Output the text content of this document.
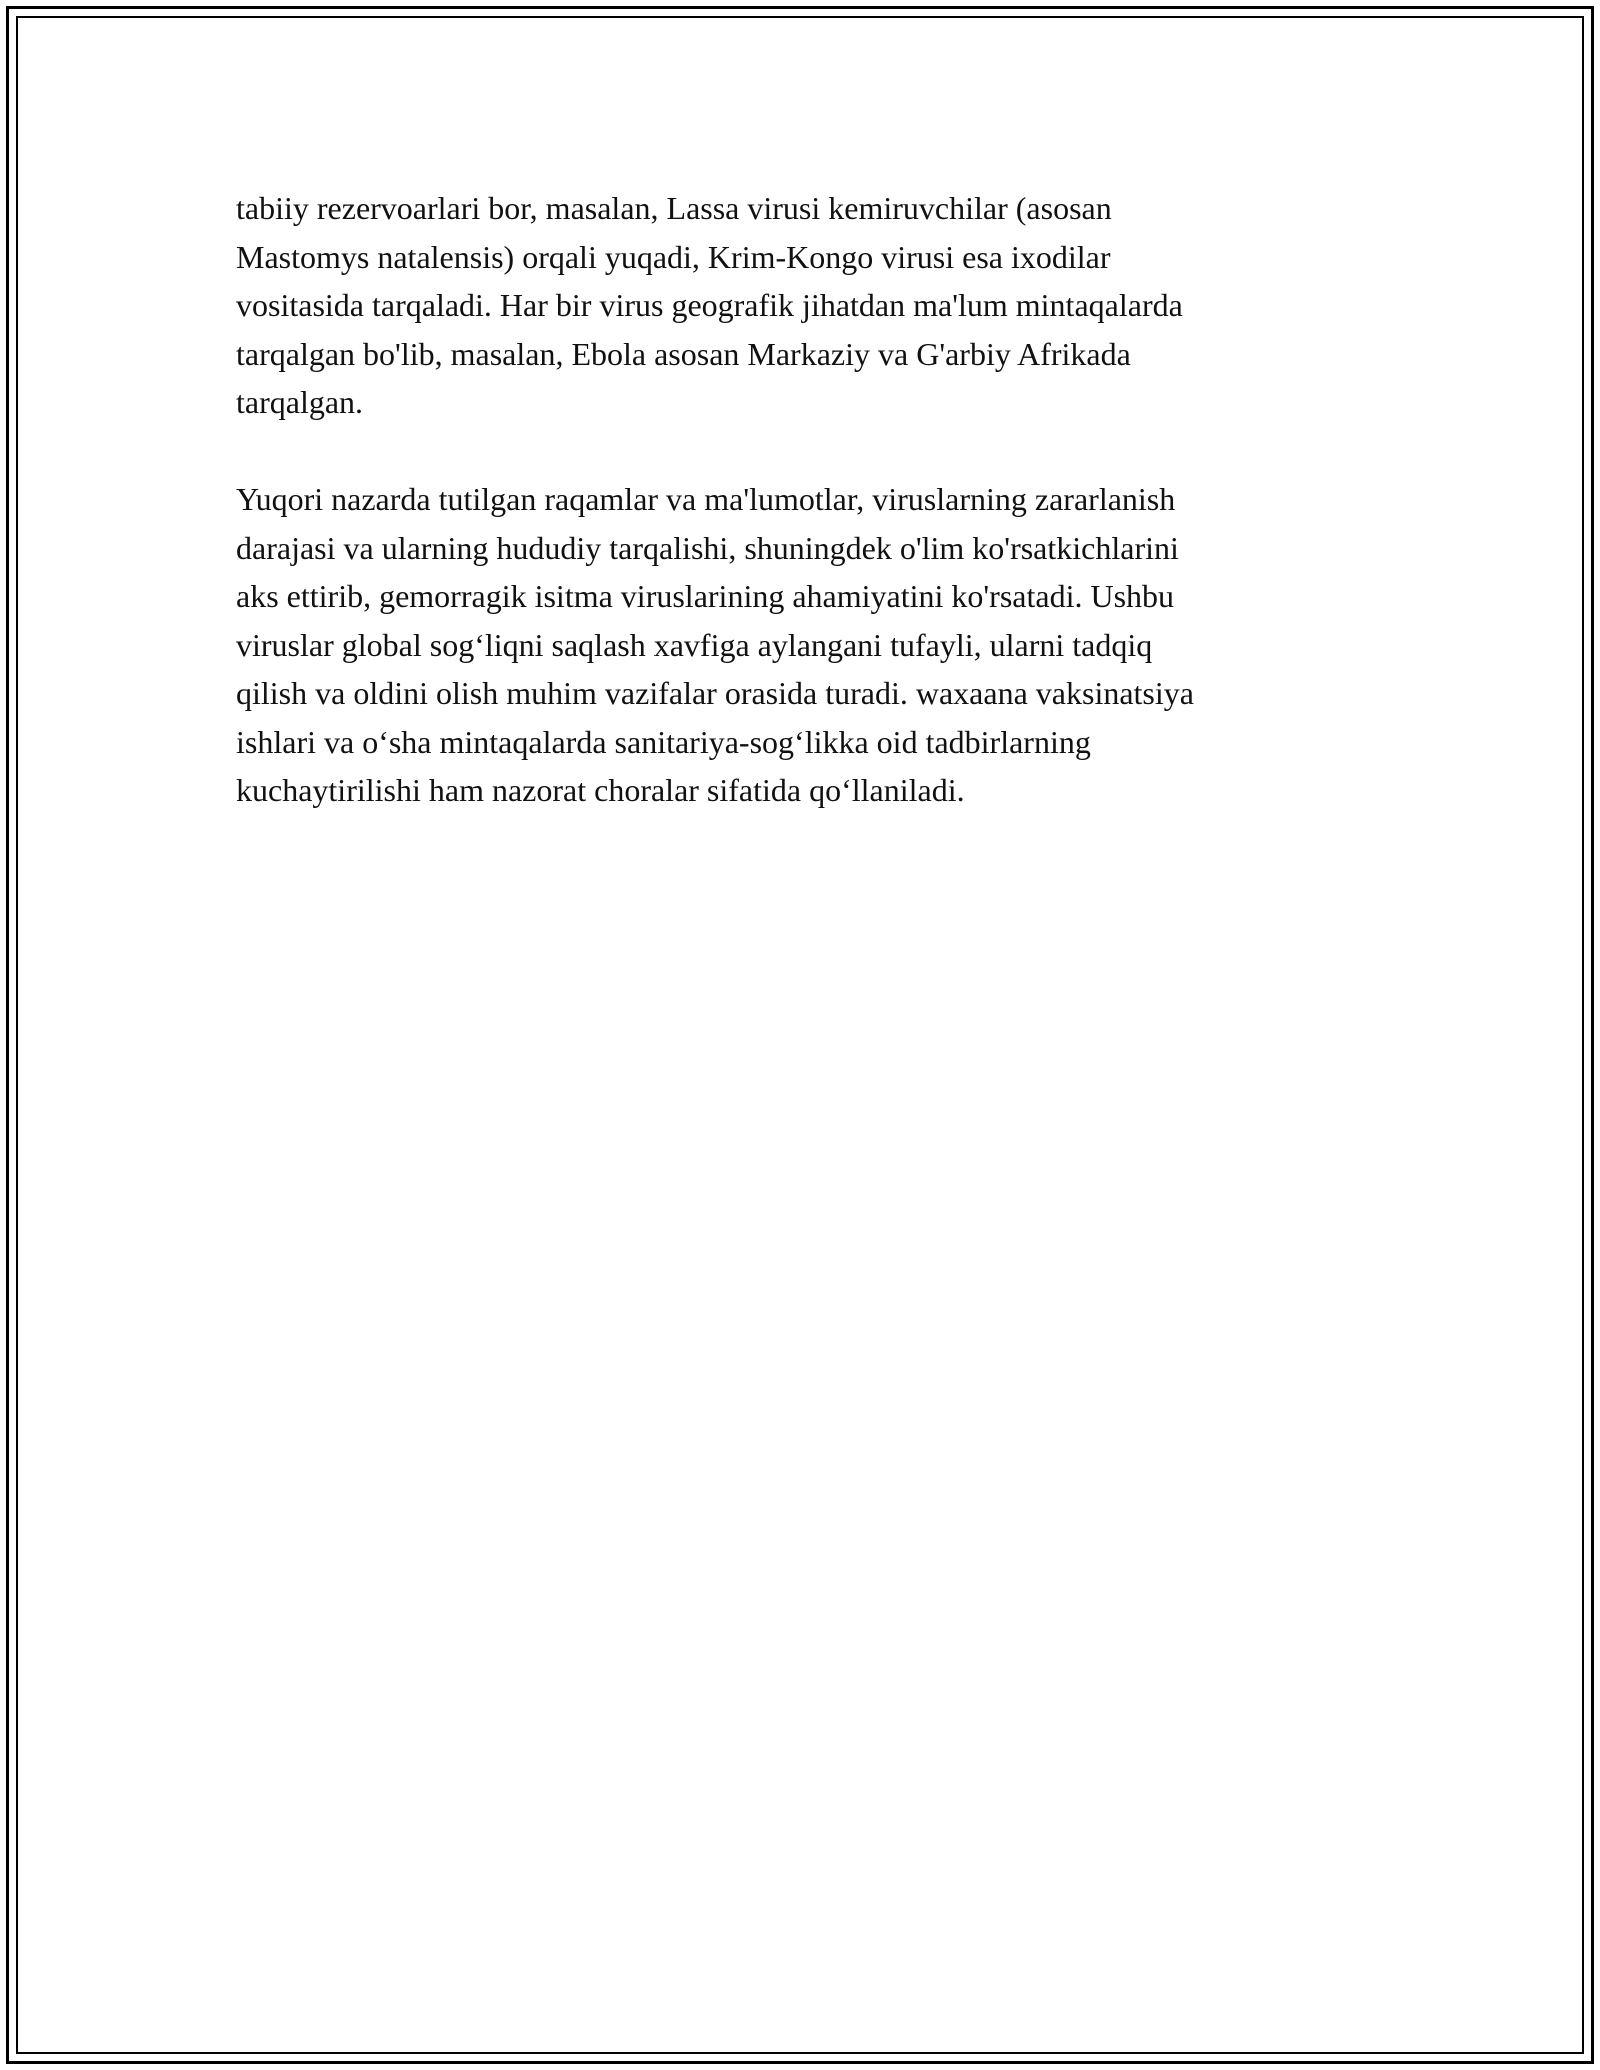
tabiiy rezervoarlari bor, masalan, Lassa virusi kemiruvchilar (asosan
Mastomys natalensis) orqali yuqadi, Krim-Kongo virusi esa ixodilar
vositasida tarqaladi. Har bir virus geografik jihatdan ma'lum mintaqalarda
tarqalgan bo'lib, masalan, Ebola asosan Markaziy va G'arbiy Afrikada
tarqalgan.

Yuqori nazarda tutilgan raqamlar va ma'lumotlar, viruslarning zararlanish
darajasi va ularning hududiy tarqalishi, shuningdek o'lim ko'rsatkichlarini
aks ettirib, gemorragik isitma viruslarining ahamiyatini ko'rsatadi. Ushbu
viruslar global sog‘liqni saqlash xavfiga aylangani tufayli, ularni tadqiq
qilish va oldini olish muhim vazifalar orasida turadi. waxaana vaksinatsiya
ishlari va o‘sha mintaqalarda sanitariya-sog‘likka oid tadbirlarning
kuchaytirilishi ham nazorat choralar sifatida qo‘llaniladi.
